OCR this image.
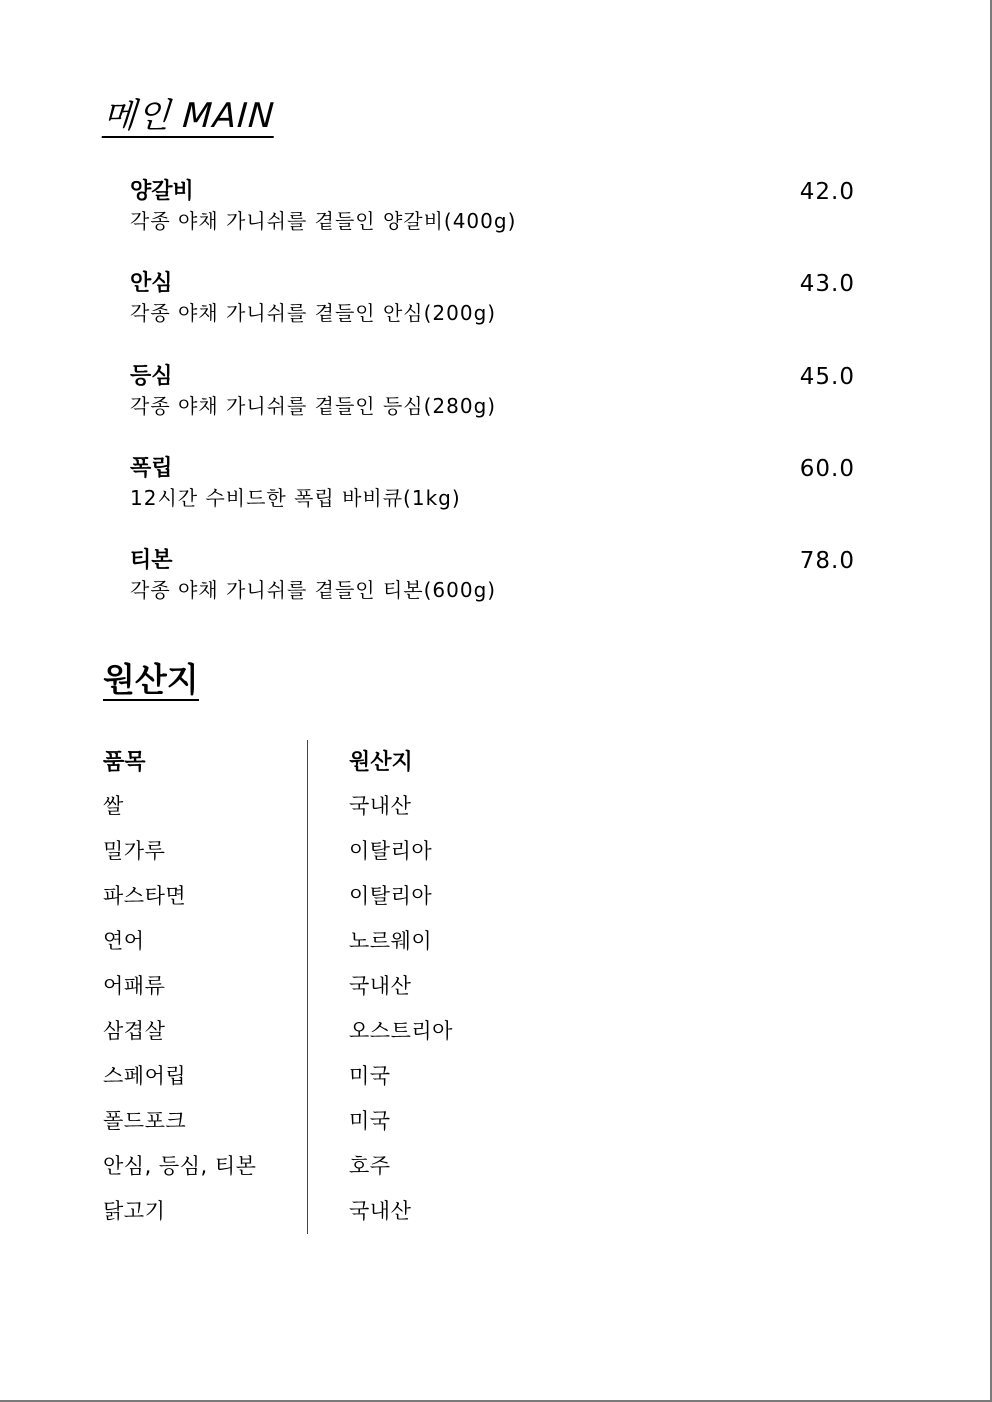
메인 MAIN
양갈비
각종 야채 가니쉬를 곁들인 양갈비(400g)
42.0
안심
각종 야채 가니쉬를 곁들인 안심(200g)
43.0
등심
각종 야채 가니쉬를 곁들인 등심(280g)
45.0
폭립
12시간 수비드한 폭립 바비큐(1kg)
60.0
티본
각종 야채 가니쉬를 곁들인 티본(600g)
78.0
원산지
품목	원산지
쌀	국내산
밀가루	이탈리아
파스타면	이탈리아
연어	노르웨이
어패류	국내산
삼겹살	오스트리아
스페어립	미국
폴드포크	미국
안심, 등심, 티본	호주
닭고기	국내산
